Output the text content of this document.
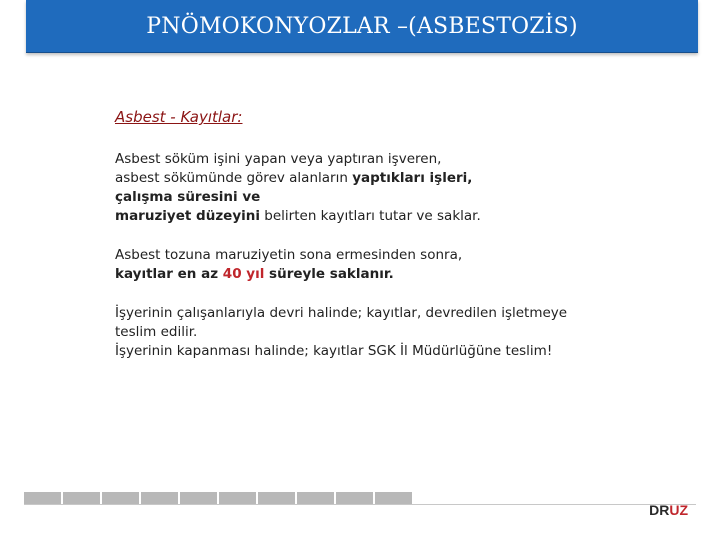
PNÖMOKONYOZLAR –(ASBESTOZİS)
Asbest - Kayıtlar:
Asbest söküm işini yapan veya yaptıran işveren,
asbest sökümünde görev alanların yaptıkları işleri,
çalışma süresini ve
maruziyet düzeyini belirten kayıtları tutar ve saklar.
Asbest tozuna maruziyetin sona ermesinden sonra,
kayıtlar en az 40 yıl süreyle saklanır.
İşyerinin çalışanlarıyla devri halinde; kayıtlar, devredilen işletmeye
teslim edilir.
İşyerinin kapanması halinde; kayıtlar SGK İl Müdürlüğüne teslim!
DRUZ
